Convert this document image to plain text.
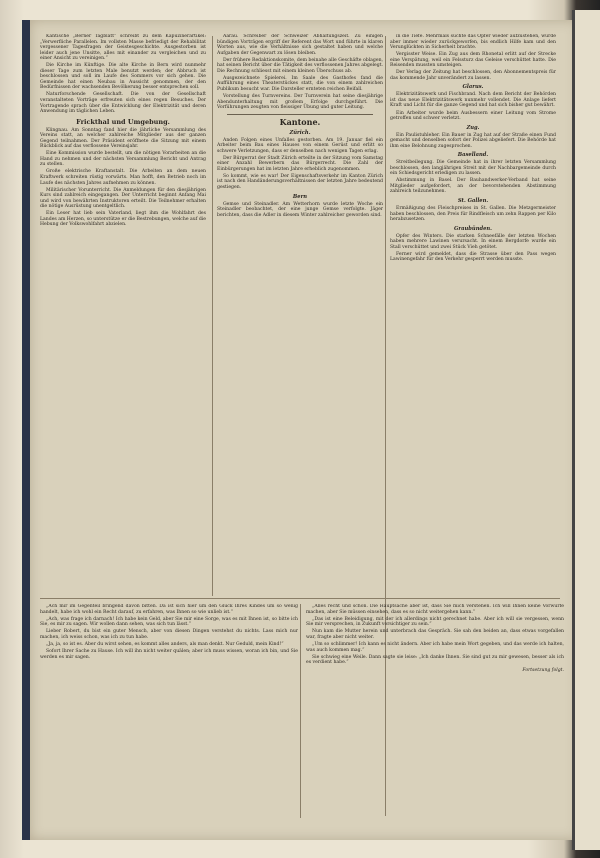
Kantische „Berner Tagblatt“ schreibt zu dem Kapuzinerartikel: „Verwerfliche Parallelen. Im vollsten Masse befriedigt der Rehabilitat vergessener Tagesfragen der Geistesgeschichte. Ausgestorben ist leider auch jene Unsitte, alles mit einander zu vergleichen und zu einer Ansicht zu vereinigen.“

Die Kirche im Künftige. Die alte Kirche in Bern wird nunmehr dieser Tage zum letzten Male benutzt werden; der Abbruch ist beschlossen und soll im Laufe des Sommers vor sich gehen. Die Gemeinde hat einen Neubau in Aussicht genommen, der den Bedürfnissen der wachsenden Bevölkerung besser entsprechen soll.

Naturforschende Gesellschaft. Die von der Gesellschaft veranstalteten Vorträge erfreuten sich eines regen Besuches. Der Vortragende sprach über die Entwicklung der Elektrizität und deren Anwendung im täglichen Leben.

Frickthal und Umgebung.

Klingnau. Am Sonntag fand hier die jährliche Versammlung des Vereins statt, an welcher zahlreiche Mitglieder aus der ganzen Gegend teilnahmen. Der Präsident eröffnete die Sitzung mit einem Rückblick auf das verflossene Vereinsjahr.

Eine Kommission wurde bestellt, um die nötigen Vorarbeiten an die Hand zu nehmen und der nächsten Versammlung Bericht und Antrag zu stellen.

Große elektrische Kraftanstalt. Die Arbeiten an dem neuen Kraftwerk schreiten rüstig vorwärts. Man hofft, den Betrieb noch im Laufe des nächsten Jahres aufnehmen zu können.

Militärischer Vorunterricht. Die Anmeldungen für den diesjährigen Kurs sind zahlreich eingegangen. Der Unterricht beginnt Anfang Mai und wird von bewährten Instruktoren erteilt. Die Teilnehmer erhalten die nötige Ausrüstung unentgeltlich.

Ein Leser hat lieb sein Vaterland, liegt ihm die Wohlfahrt des Landes am Herzen, so unterstütze er die Bestrebungen, welche auf die Hebung der Volkswohlfahrt abzielen.

Aarau. Schreiber der Schweizer Abhaltungszeit. Zu einigen bündigen Vorträgen ergriff der Referent das Wort und führte in klaren Worten aus, wie die Verhältnisse sich gestaltet haben und welche Aufgaben der Gegenwart zu lösen bleiben.

Der frühere Redaktionskomite, dem beinahe alle Geschäfte oblagen, hat seinen Bericht über die Tätigkeit des verflossenen Jahres abgelegt. Die Rechnung schliesst mit einem kleinen Überschuss ab.

Ausgezeichnete Spielerei. Im Saale des Gasthofes fand die Aufführung eines Theaterstückes statt, die von einem zahlreichen Publikum besucht war. Die Darsteller ernteten reichen Beifall.

Vorstellung des Turnvereins. Der Turnverein hat seine diesjährige Abendunterhaltung mit großem Erfolge durchgeführt. Die Vorführungen zeugten von fleissiger Übung und guter Leitung.

Kantone.
Zürich.

Anden Folgen eines Unfalles gestorben. Am 19. Januar fiel ein Arbeiter beim Bau eines Hauses von einem Gerüst und erlitt so schwere Verletzungen, dass er denselben nach wenigen Tagen erlag.

Der Bürgerrat der Stadt Zürich erteilte in der Sitzung vom Samstag einer Anzahl Bewerbern das Bürgerrecht. Die Zahl der Einbürgerungen hat im letzten Jahre erheblich zugenommen.

So kommt, wie es war! Der Eigenschaftsverkehr im Kanton Zürich ist nach den Handänderungsverhältnissen der letzten Jahre bedeutend gestiegen.

Bern

Gemse und Steinadler. Am Wetterhorn wurde letzte Woche ein Steinadler beobachtet, der eine junge Gemse verfolgte. Jäger berichten, dass die Adler in diesem Winter zahlreicher geworden sind.

in die Tiefe. Mehrmals suchte das Opfer wieder aufzustehen, wurde aber immer wieder zurückgeworfen, bis endlich Hilfe kam und den Verunglückten in Sicherheit brachte.

Vergisster Weise. Ein Zug aus dem Rhonetal erlitt auf der Strecke eine Verspätung, weil ein Felssturz das Geleise verschüttet hatte. Die Reisenden mussten umsteigen.

Der Verlag der Zeitung hat beschlossen, den Abonnementspreis für das kommende Jahr unverändert zu lassen.

Glarus.

Elektrizitätswerk und Fischbrand. Nach dem Bericht der Behörden ist das neue Elektrizitätswerk nunmehr vollendet. Die Anlage liefert Kraft und Licht für die ganze Gegend und hat sich bisher gut bewährt.

Ein Arbeiter wurde beim Ausbessern einer Leitung vom Strome getroffen und schwer verletzt.

Zug.

Ein Paulistuhleher. Ein Bauer in Zug hat auf der Straße einen Fund gemacht und denselben sofort der Polizei abgeliefert. Die Behörde hat ihm eine Belohnung zugesprochen.

Baselland.

Streitbeilegung. Die Gemeinde hat in ihrer letzten Versammlung beschlossen, den langjährigen Streit mit der Nachbargemeinde durch ein Schiedsgericht erledigen zu lassen.

Abstimmung in Basel. Der Bauhandwerker-Verband hat seine Mitglieder aufgefordert, an der bevorstehenden Abstimmung zahlreich teilzunehmen.

St. Gallen.

Ermäßigung des Fleischpreises in St. Gallen. Die Metzgermeister haben beschlossen, den Preis für Rindfleisch um zehn Rappen per Kilo herabzusetzen.

Graubünden.

Opfer des Winters. Die starken Schneefälle der letzten Wochen haben mehrere Lawinen verursacht. In einem Bergdorfe wurde ein Stall verschüttet und zwei Stück Vieh getötet.

Ferner wird gemeldet, dass die Strasse über den Pass wegen Lawinengefahr für den Verkehr gesperrt werden musste.

„Ach mir im Gegenteil bringend davon bitten. Da ist sich hier um den Glück Ihres Kindes um so wenig handelt, habe ich wohl ein Recht darauf, zu erfahren, was Ihnen so wie unlieb ist.“

„Ach, was frage ich darnach! Ich habe kein Geld, aber Sie mir eine Sorge, was es mit Ihnen ist, so bitte ich Sie, es mir zu sagen. Wir wollen dann sehen, was sich tun lässt.“

Lieber Robert, du bist ein guter Mensch, aber von diesen Dingen verstehst du nichts. Lass mich nur machen, ich weiss schon, was ich zu tun habe.

„Ja, ja, so ist es. Aber du wirst sehen, es kommt alles anders, als man denkt. Nur Geduld, mein Kind!“

Sofort Ihrer Sache zu Hause. Ich will ihn nicht weiter quälen; aber ich muss wissen, woran ich bin, und Sie werden es mir sagen.

„Alles recht und schön. Die Hauptsache aber ist, dass Sie mich verstehen. Ich will Ihnen keine Vorwürfe machen, aber Sie müssen einsehen, dass es so nicht weitergehen kann.“

„Das ist eine Beleidigung, mit der ich allerdings nicht gerechnet habe. Aber ich will sie vergessen, wenn Sie mir versprechen, in Zukunft vorsichtiger zu sein.“

Nun kam die Mutter herein und unterbrach das Gespräch. Sie sah den beiden an, dass etwas vorgefallen war, fragte aber nicht weiter.

„Um so schlimmer! Ich kann es nicht ändern. Aber ich habe mein Wort gegeben, und das werde ich halten, was auch kommen mag.“

Sie schwieg eine Weile. Dann sagte sie leise: „Ich danke Ihnen. Sie sind gut zu mir gewesen, besser als ich es verdient habe.“

Fortsetzung folgt.
